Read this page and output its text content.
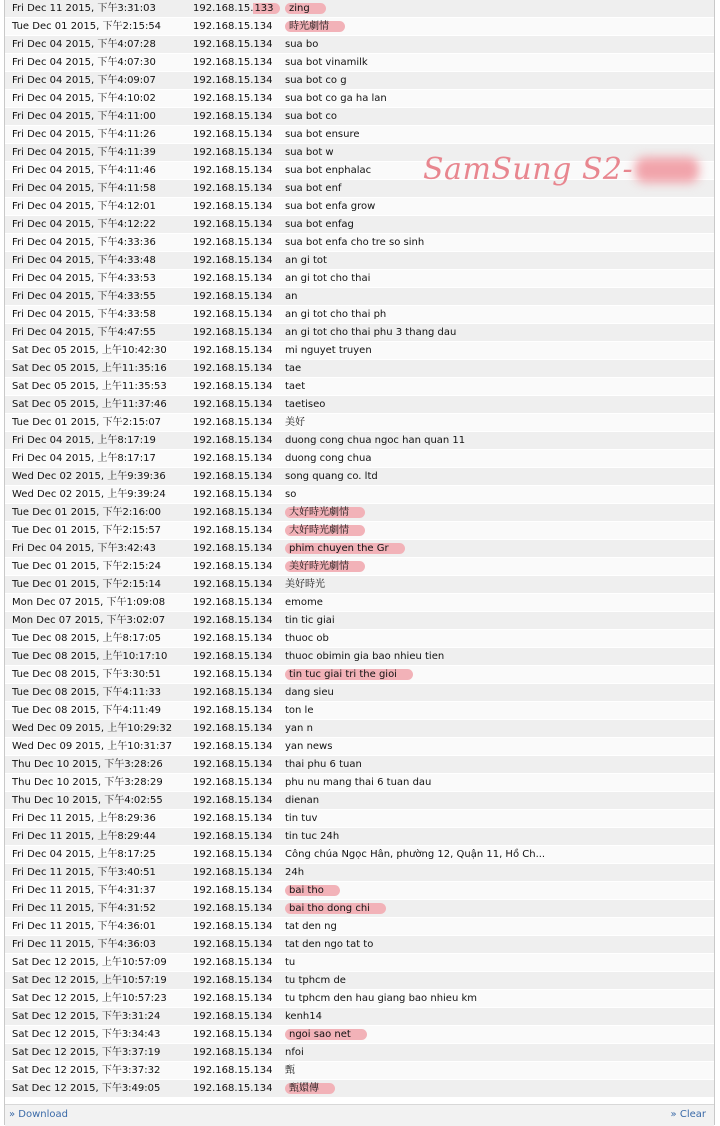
Fri Dec 11 2015, 下午3:31:03	192.168.15.133	zing
Tue Dec 01 2015, 下午2:15:54	192.168.15.134	時光劇情
Fri Dec 04 2015, 下午4:07:28	192.168.15.134	sua bo
Fri Dec 04 2015, 下午4:07:30	192.168.15.134	sua bot vinamilk
Fri Dec 04 2015, 下午4:09:07	192.168.15.134	sua bot co g
Fri Dec 04 2015, 下午4:10:02	192.168.15.134	sua bot co ga ha lan
Fri Dec 04 2015, 下午4:11:00	192.168.15.134	sua bot co
Fri Dec 04 2015, 下午4:11:26	192.168.15.134	sua bot ensure
Fri Dec 04 2015, 下午4:11:39	192.168.15.134	sua bot w
Fri Dec 04 2015, 下午4:11:46	192.168.15.134	sua bot enphalac
Fri Dec 04 2015, 下午4:11:58	192.168.15.134	sua bot enf
Fri Dec 04 2015, 下午4:12:01	192.168.15.134	sua bot enfa grow
Fri Dec 04 2015, 下午4:12:22	192.168.15.134	sua bot enfag
Fri Dec 04 2015, 下午4:33:36	192.168.15.134	sua bot enfa cho tre so sinh
Fri Dec 04 2015, 下午4:33:48	192.168.15.134	an gi tot
Fri Dec 04 2015, 下午4:33:53	192.168.15.134	an gi tot cho thai
Fri Dec 04 2015, 下午4:33:55	192.168.15.134	an
Fri Dec 04 2015, 下午4:33:58	192.168.15.134	an gi tot cho thai ph
Fri Dec 04 2015, 下午4:47:55	192.168.15.134	an gi tot cho thai phu 3 thang dau
Sat Dec 05 2015, 上午10:42:30	192.168.15.134	mi nguyet truyen
Sat Dec 05 2015, 上午11:35:16	192.168.15.134	tae
Sat Dec 05 2015, 上午11:35:53	192.168.15.134	taet
Sat Dec 05 2015, 上午11:37:46	192.168.15.134	taetiseo
Tue Dec 01 2015, 下午2:15:07	192.168.15.134	美好
Fri Dec 04 2015, 上午8:17:19	192.168.15.134	duong cong chua ngoc han quan 11
Fri Dec 04 2015, 上午8:17:17	192.168.15.134	duong cong chua
Wed Dec 02 2015, 上午9:39:36	192.168.15.134	song quang co. ltd
Wed Dec 02 2015, 上午9:39:24	192.168.15.134	so
Tue Dec 01 2015, 下午2:16:00	192.168.15.134	大好時光劇情
Tue Dec 01 2015, 下午2:15:57	192.168.15.134	大好時光劇情
Fri Dec 04 2015, 下午3:42:43	192.168.15.134	phim chuyen the Gr
Tue Dec 01 2015, 下午2:15:24	192.168.15.134	美好時光劇情
Tue Dec 01 2015, 下午2:15:14	192.168.15.134	美好時光
Mon Dec 07 2015, 下午1:09:08	192.168.15.134	emome
Mon Dec 07 2015, 下午3:02:07	192.168.15.134	tin tic giai
Tue Dec 08 2015, 上午8:17:05	192.168.15.134	thuoc ob
Tue Dec 08 2015, 上午10:17:10	192.168.15.134	thuoc obimin gia bao nhieu tien
Tue Dec 08 2015, 下午3:30:51	192.168.15.134	tin tuc giai tri the gioi
Tue Dec 08 2015, 下午4:11:33	192.168.15.134	dang sieu
Tue Dec 08 2015, 下午4:11:49	192.168.15.134	ton le
Wed Dec 09 2015, 上午10:29:32 192.168.15.134	yan n
Wed Dec 09 2015, 上午10:31:37 192.168.15.134	yan news
Thu Dec 10 2015, 下午3:28:26	192.168.15.134	thai phu 6 tuan
Thu Dec 10 2015, 下午3:28:29	192.168.15.134	phu nu mang thai 6 tuan dau
Thu Dec 10 2015, 下午4:02:55	192.168.15.134	dienan
Fri Dec 11 2015, 上午8:29:36	192.168.15.134	tin tuv
Fri Dec 11 2015, 上午8:29:44	192.168.15.134	tin tuc 24h
Fri Dec 04 2015, 上午8:17:25	192.168.15.134	Công chúa Ngọc Hân, phường 12, Quận 11, Hồ Ch...
Fri Dec 11 2015, 下午3:40:51	192.168.15.134	24h
Fri Dec 11 2015, 下午4:31:37	192.168.15.134	bai tho
Fri Dec 11 2015, 下午4:31:52	192.168.15.134	bai tho dong chi
Fri Dec 11 2015, 下午4:36:01	192.168.15.134	tat den ng
Fri Dec 11 2015, 下午4:36:03	192.168.15.134	tat den ngo tat to
Sat Dec 12 2015, 上午10:57:09	192.168.15.134	tu
Sat Dec 12 2015, 上午10:57:19	192.168.15.134	tu tphcm de
Sat Dec 12 2015, 上午10:57:23	192.168.15.134	tu tphcm den hau giang bao nhieu km
Sat Dec 12 2015, 下午3:31:24	192.168.15.134	kenh14
Sat Dec 12 2015, 下午3:34:43	192.168.15.134	ngoi sao net
Sat Dec 12 2015, 下午3:37:19	192.168.15.134	nfoi
Sat Dec 12 2015, 下午3:37:32	192.168.15.134	甄
Sat Dec 12 2015, 下午3:49:05	192.168.15.134	甄嬛傳
SamSung S2-
» Download	» Clear
